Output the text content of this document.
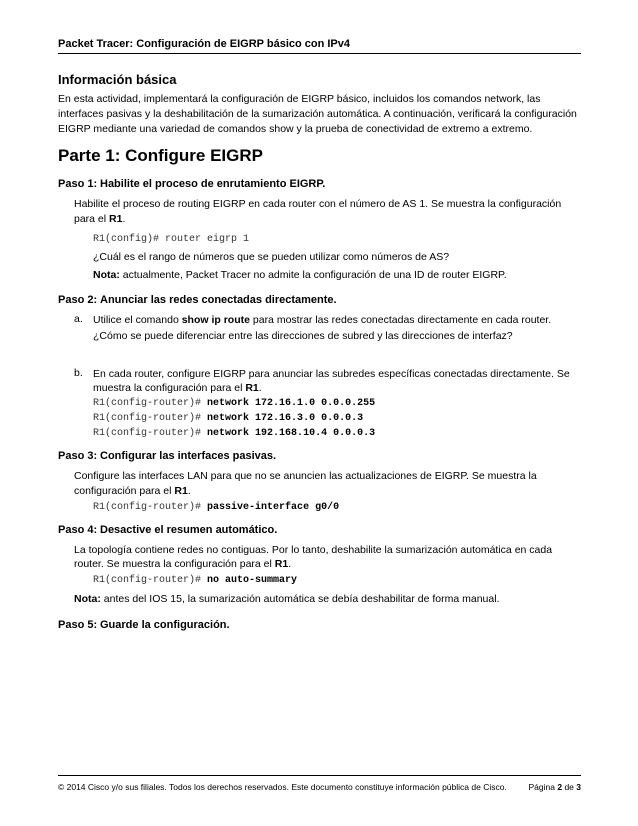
Packet Tracer: Configuración de EIGRP básico con IPv4
Información básica
En esta actividad, implementará la configuración de EIGRP básico, incluidos los comandos network, las
interfaces pasivas y la deshabilitación de la sumarización automática. A continuación, verificará la configuración
EIGRP mediante una variedad de comandos show y la prueba de conectividad de extremo a extremo.
Parte 1: Configure EIGRP
Paso 1: Habilite el proceso de enrutamiento EIGRP.
Habilite el proceso de routing EIGRP en cada router con el número de AS 1. Se muestra la configuración
para el R1.
R1(config)# router eigrp 1
¿Cuál es el rango de números que se pueden utilizar como números de AS?
Nota: actualmente, Packet Tracer no admite la configuración de una ID de router EIGRP.
Paso 2: Anunciar las redes conectadas directamente.
a. Utilice el comando show ip route para mostrar las redes conectadas directamente en cada router.
¿Cómo se puede diferenciar entre las direcciones de subred y las direcciones de interfaz?
b. En cada router, configure EIGRP para anunciar las subredes específicas conectadas directamente. Se
muestra la configuración para el R1.
R1(config-router)# network 172.16.1.0 0.0.0.255
R1(config-router)# network 172.16.3.0 0.0.0.3
R1(config-router)# network 192.168.10.4 0.0.0.3
Paso 3: Configurar las interfaces pasivas.
Configure las interfaces LAN para que no se anuncien las actualizaciones de EIGRP. Se muestra la
configuración para el R1.
R1(config-router)# passive-interface g0/0
Paso 4: Desactive el resumen automático.
La topología contiene redes no contiguas. Por lo tanto, deshabilite la sumarización automática en cada
router. Se muestra la configuración para el R1.
R1(config-router)# no auto-summary
Nota: antes del IOS 15, la sumarización automática se debía deshabilitar de forma manual.
Paso 5: Guarde la configuración.
© 2014 Cisco y/o sus filiales. Todos los derechos reservados. Este documento constituye información pública de Cisco.	Página 2 de 3
